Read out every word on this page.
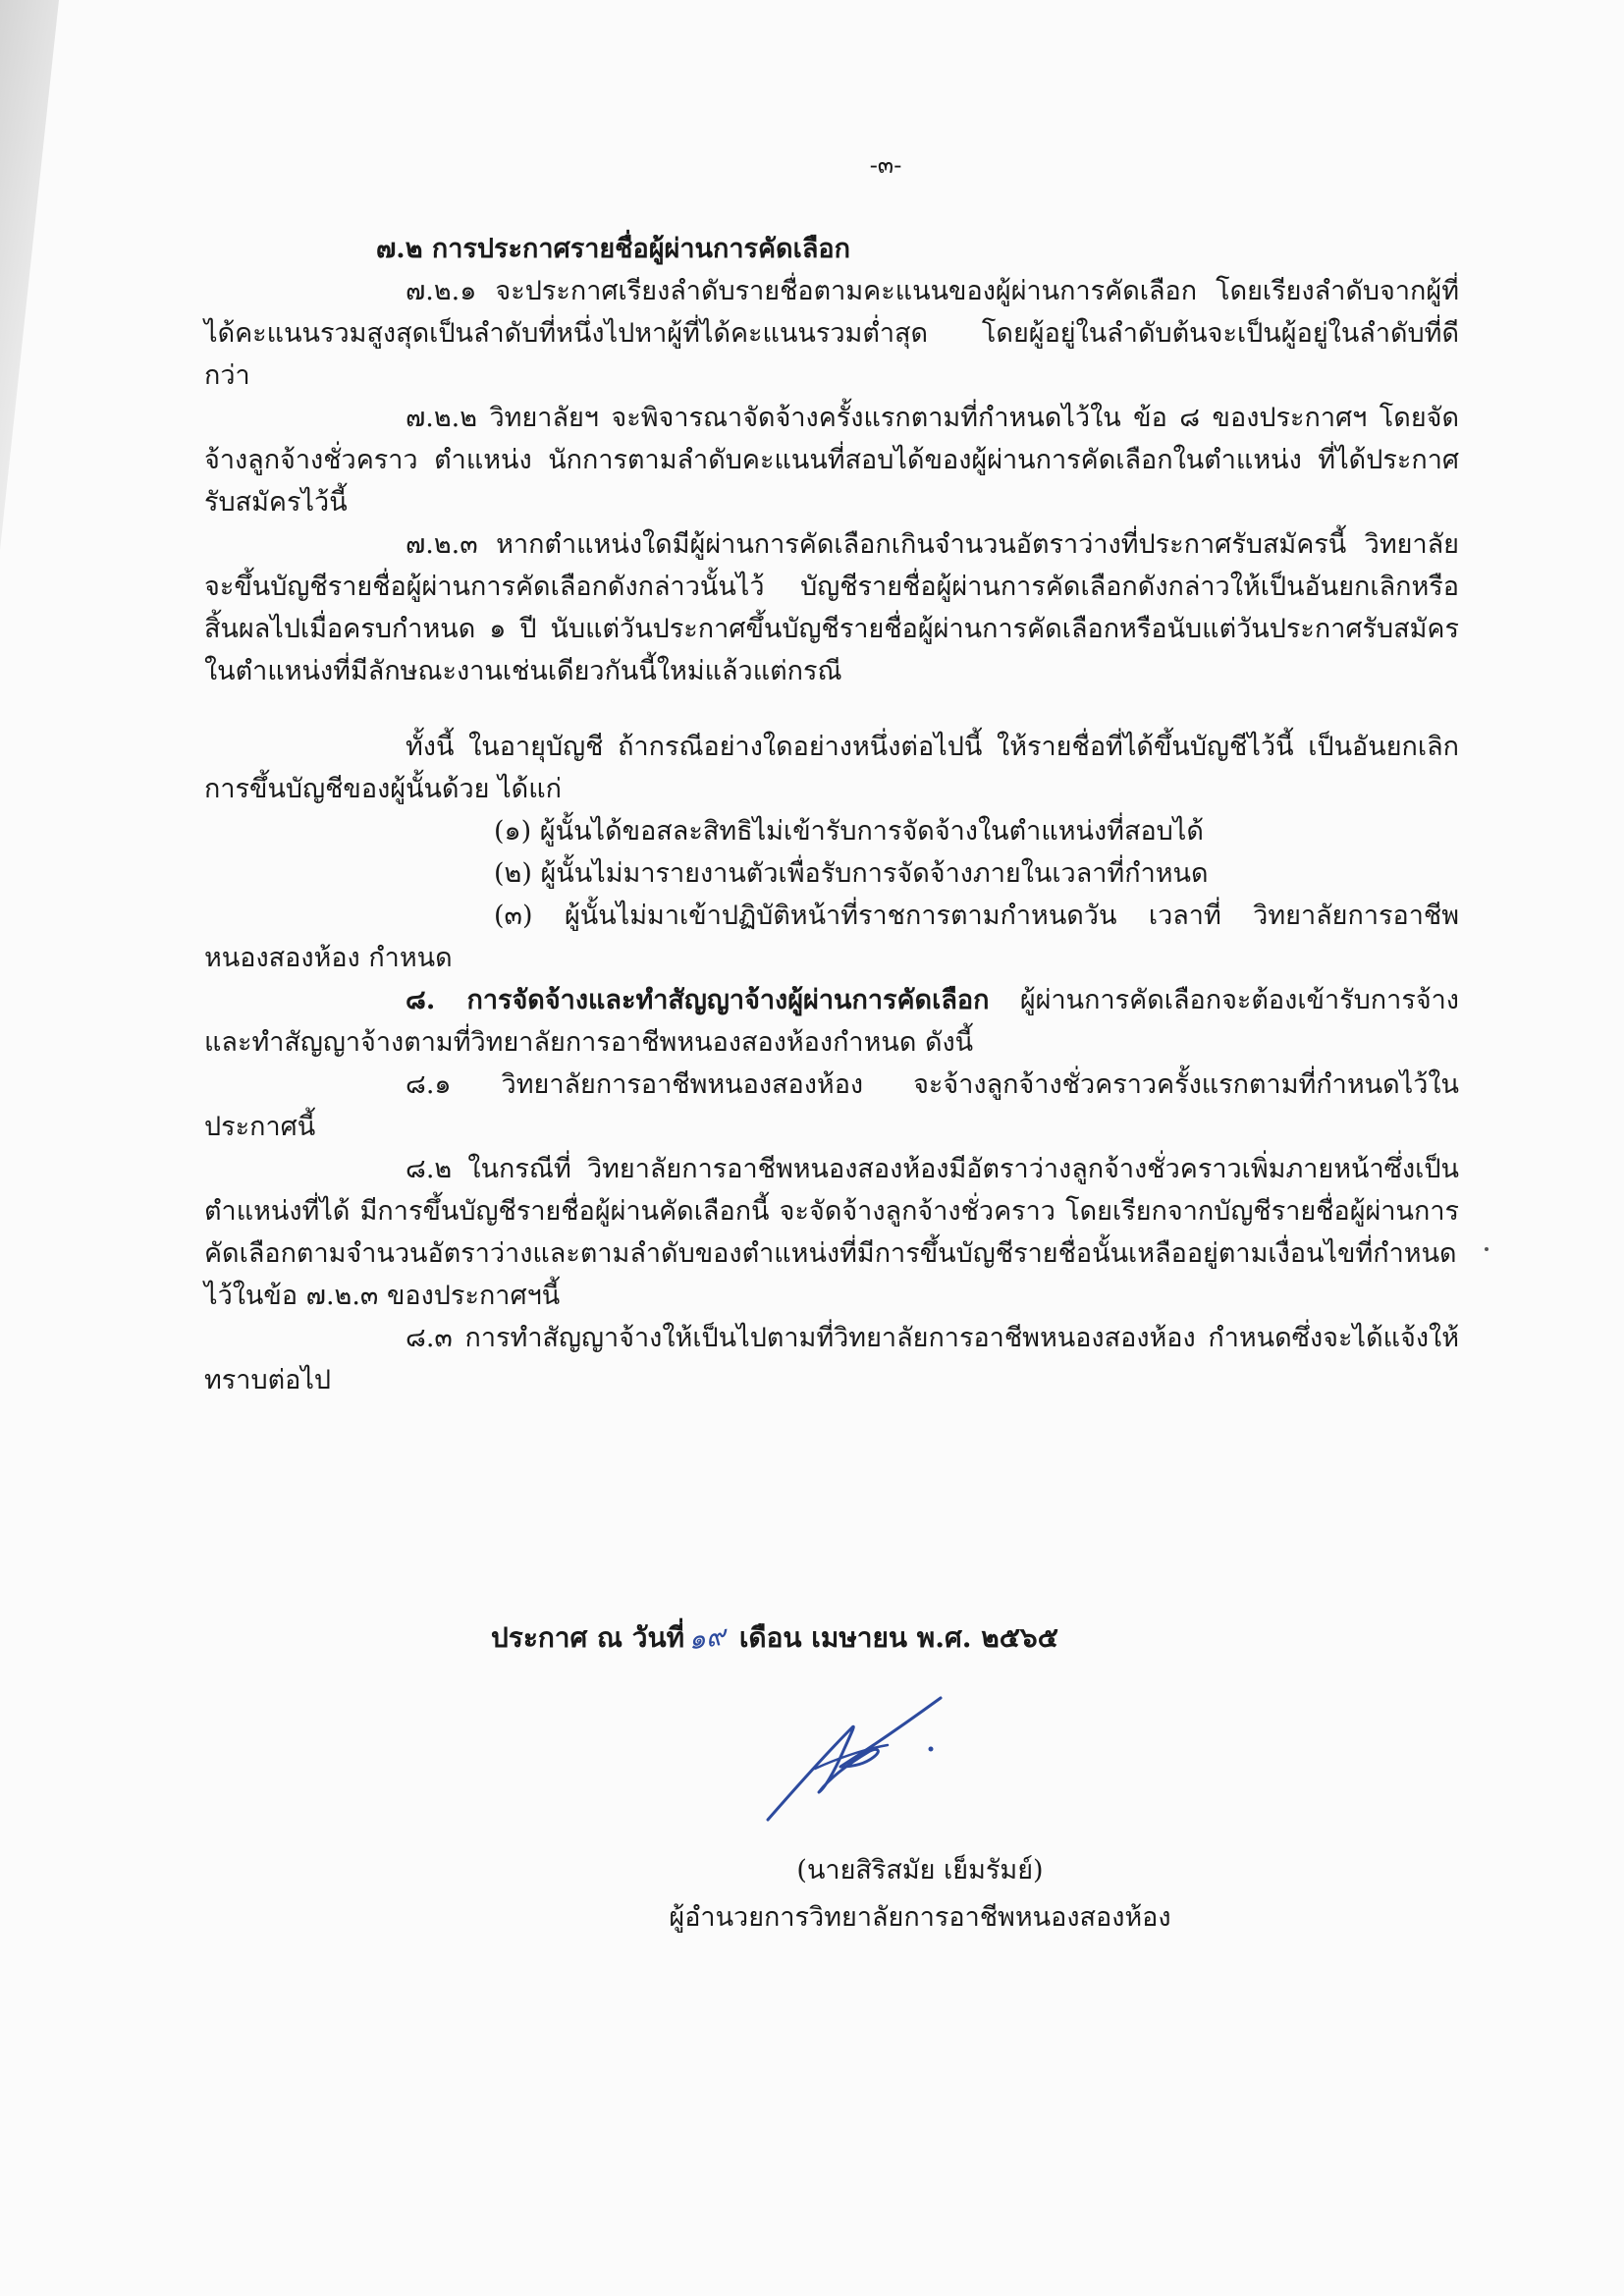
-๓-

๗.๒ การประกาศรายชื่อผู้ผ่านการคัดเลือก

๗.๒.๑ จะประกาศเรียงลำดับรายชื่อตามคะแนนของผู้ผ่านการคัดเลือก โดยเรียงลำดับจากผู้ที่ได้คะแนนรวมสูงสุดเป็นลำดับที่หนึ่งไปหาผู้ที่ได้คะแนนรวมต่ำสุด โดยผู้อยู่ในลำดับต้นจะเป็นผู้อยู่ในลำดับที่ดีกว่า

๗.๒.๒ วิทยาลัยฯ จะพิจารณาจัดจ้างครั้งแรกตามที่กำหนดไว้ใน ข้อ ๘ ของประกาศฯ โดยจัดจ้างลูกจ้างชั่วคราว ตำแหน่ง นักการตามลำดับคะแนนที่สอบได้ของผู้ผ่านการคัดเลือกในตำแหน่ง ที่ได้ประกาศรับสมัครไว้นี้

๗.๒.๓ หากตำแหน่งใดมีผู้ผ่านการคัดเลือกเกินจำนวนอัตราว่างที่ประกาศรับสมัครนี้ วิทยาลัยจะขึ้นบัญชีรายชื่อผู้ผ่านการคัดเลือกดังกล่าวนั้นไว้ บัญชีรายชื่อผู้ผ่านการคัดเลือกดังกล่าวให้เป็นอันยกเลิกหรือสิ้นผลไปเมื่อครบกำหนด ๑ ปี นับแต่วันประกาศขึ้นบัญชีรายชื่อผู้ผ่านการคัดเลือกหรือนับแต่วันประกาศรับสมัครในตำแหน่งที่มีลักษณะงานเช่นเดียวกันนี้ใหม่แล้วแต่กรณี

ทั้งนี้ ในอายุบัญชี ถ้ากรณีอย่างใดอย่างหนึ่งต่อไปนี้ ให้รายชื่อที่ได้ขึ้นบัญชีไว้นี้ เป็นอันยกเลิกการขึ้นบัญชีของผู้นั้นด้วย ได้แก่

(๑) ผู้นั้นได้ขอสละสิทธิไม่เข้ารับการจัดจ้างในตำแหน่งที่สอบได้

(๒) ผู้นั้นไม่มารายงานตัวเพื่อรับการจัดจ้างภายในเวลาที่กำหนด

(๓) ผู้นั้นไม่มาเข้าปฏิบัติหน้าที่ราชการตามกำหนดวัน เวลาที่ วิทยาลัยการอาชีพหนองสองห้อง กำหนด

๘. การจัดจ้างและทำสัญญาจ้างผู้ผ่านการคัดเลือก ผู้ผ่านการคัดเลือกจะต้องเข้ารับการจ้างและทำสัญญาจ้างตามที่วิทยาลัยการอาชีพหนองสองห้องกำหนด ดังนี้

๘.๑ วิทยาลัยการอาชีพหนองสองห้อง จะจ้างลูกจ้างชั่วคราวครั้งแรกตามที่กำหนดไว้ในประกาศนี้

๘.๒ ในกรณีที่ วิทยาลัยการอาชีพหนองสองห้องมีอัตราว่างลูกจ้างชั่วคราวเพิ่มภายหน้าซึ่งเป็นตำแหน่งที่ได้ มีการขึ้นบัญชีรายชื่อผู้ผ่านคัดเลือกนี้ จะจัดจ้างลูกจ้างชั่วคราว โดยเรียกจากบัญชีรายชื่อผู้ผ่านการคัดเลือกตามจำนวนอัตราว่างและตามลำดับของตำแหน่งที่มีการขึ้นบัญชีรายชื่อนั้นเหลืออยู่ตามเงื่อนไขที่กำหนดไว้ในข้อ ๗.๒.๓ ของประกาศฯนี้

๘.๓ การทำสัญญาจ้างให้เป็นไปตามที่วิทยาลัยการอาชีพหนองสองห้อง กำหนดซึ่งจะได้แจ้งให้ทราบต่อไป

ประกาศ ณ วันที่๑๙ เดือน เมษายน พ.ศ. ๒๕๖๕
(นายสิริสมัย เย็มรัมย์)
ผู้อำนวยการวิทยาลัยการอาชีพหนองสองห้อง
